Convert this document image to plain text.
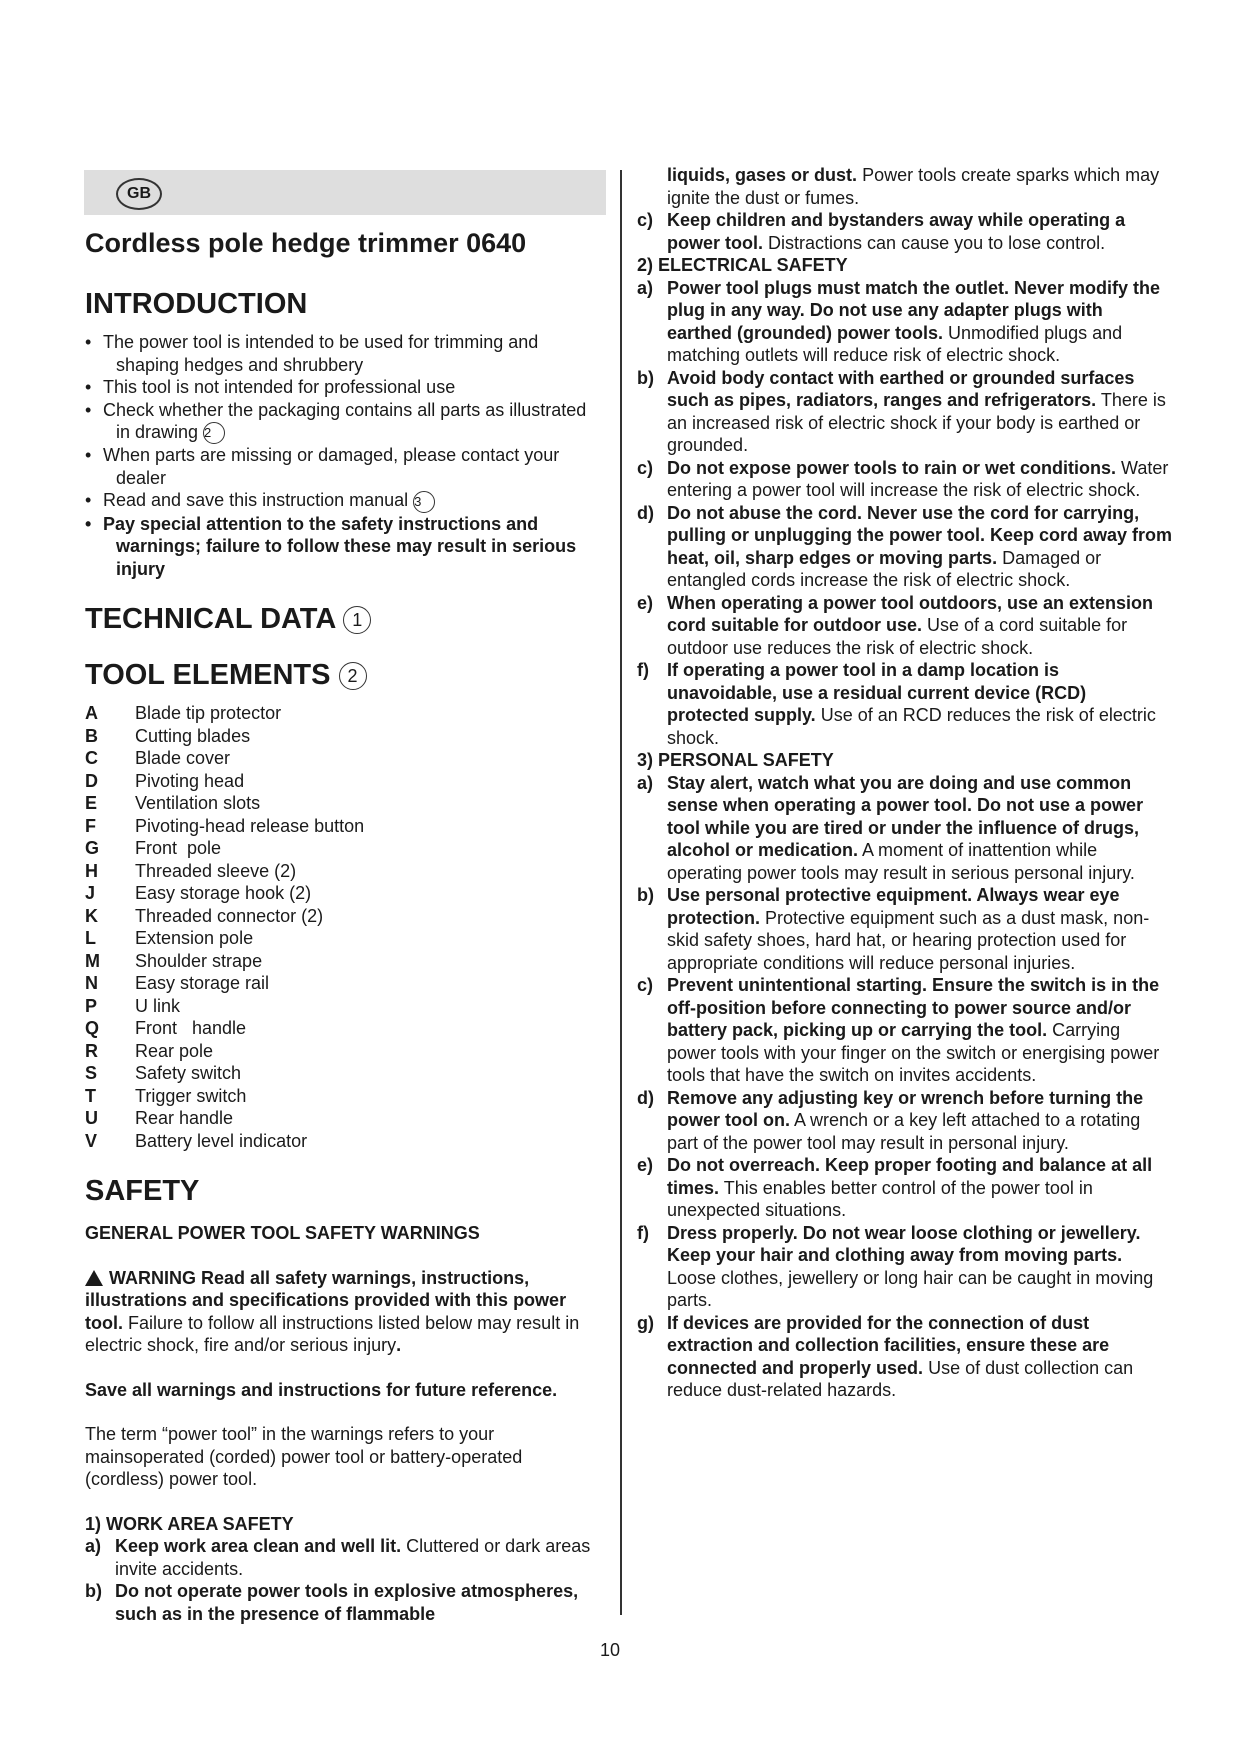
GB
Cordless pole hedge trimmer 0640
INTRODUCTION
• The power tool is intended to be used for trimming and shaping hedges and shrubbery
• This tool is not intended for professional use
• Check whether the packaging contains all parts as illustrated in drawing 2
• When parts are missing or damaged, please contact your dealer
• Read and save this instruction manual 3
• Pay special attention to the safety instructions and warnings; failure to follow these may result in serious injury
TECHNICAL DATA 1
TOOL ELEMENTS 2
A	Blade tip protector
B	Cutting blades
C	Blade cover
D	Pivoting head
E	Ventilation slots
F	Pivoting-head release button
G	Front  pole
H	Threaded sleeve (2)
J	Easy storage hook (2)
K	Threaded connector (2)
L	Extension pole
M	Shoulder strape
N	Easy storage rail
P	U link
Q	Front   handle
R	Rear pole
S	Safety switch
T	Trigger switch
U	Rear handle
V	Battery level indicator
SAFETY
GENERAL POWER TOOL SAFETY WARNINGS

WARNING Read all safety warnings, instructions, illustrations and specifications provided with this power tool. Failure to follow all instructions listed below may result in electric shock, fire and/or serious injury.

Save all warnings and instructions for future reference.

The term “power tool” in the warnings refers to your mainsoperated (corded) power tool or battery-operated (cordless) power tool.

1) WORK AREA SAFETY

a) Keep work area clean and well lit. Cluttered or dark areas invite accidents.
b) Do not operate power tools in explosive atmospheres, such as in the presence of flammable
liquids, gases or dust. Power tools create sparks which may ignite the dust or fumes.
c) Keep children and bystanders away while operating a power tool. Distractions can cause you to lose control.

2) ELECTRICAL SAFETY

a) Power tool plugs must match the outlet. Never modify the plug in any way. Do not use any adapter plugs with earthed (grounded) power tools. Unmodified plugs and matching outlets will reduce risk of electric shock.
b) Avoid body contact with earthed or grounded surfaces such as pipes, radiators, ranges and refrigerators. There is an increased risk of electric shock if your body is earthed or grounded.
c) Do not expose power tools to rain or wet conditions. Water entering a power tool will increase the risk of electric shock.
d) Do not abuse the cord. Never use the cord for carrying, pulling or unplugging the power tool. Keep cord away from heat, oil, sharp edges or moving parts. Damaged or entangled cords increase the risk of electric shock.
e) When operating a power tool outdoors, use an extension cord suitable for outdoor use. Use of a cord suitable for outdoor use reduces the risk of electric shock.
f) If operating a power tool in a damp location is unavoidable, use a residual current device (RCD) protected supply. Use of an RCD reduces the risk of electric shock.

3) PERSONAL SAFETY

a) Stay alert, watch what you are doing and use common sense when operating a power tool. Do not use a power tool while you are tired or under the influence of drugs, alcohol or medication. A moment of inattention while operating power tools may result in serious personal injury.
b) Use personal protective equipment. Always wear eye protection. Protective equipment such as a dust mask, non-skid safety shoes, hard hat, or hearing protection used for appropriate conditions will reduce personal injuries.
c) Prevent unintentional starting. Ensure the switch is in the off-position before connecting to power source and/or battery pack, picking up or carrying the tool. Carrying power tools with your finger on the switch or energising power tools that have the switch on invites accidents.
d) Remove any adjusting key or wrench before turning the power tool on. A wrench or a key left attached to a rotating part of the power tool may result in personal injury.
e) Do not overreach. Keep proper footing and balance at all times. This enables better control of the power tool in unexpected situations.
f) Dress properly. Do not wear loose clothing or jewellery. Keep your hair and clothing away from moving parts. Loose clothes, jewellery or long hair can be caught in moving parts.
g) If devices are provided for the connection of dust extraction and collection facilities, ensure these are connected and properly used. Use of dust collection can reduce dust-related hazards.
10
